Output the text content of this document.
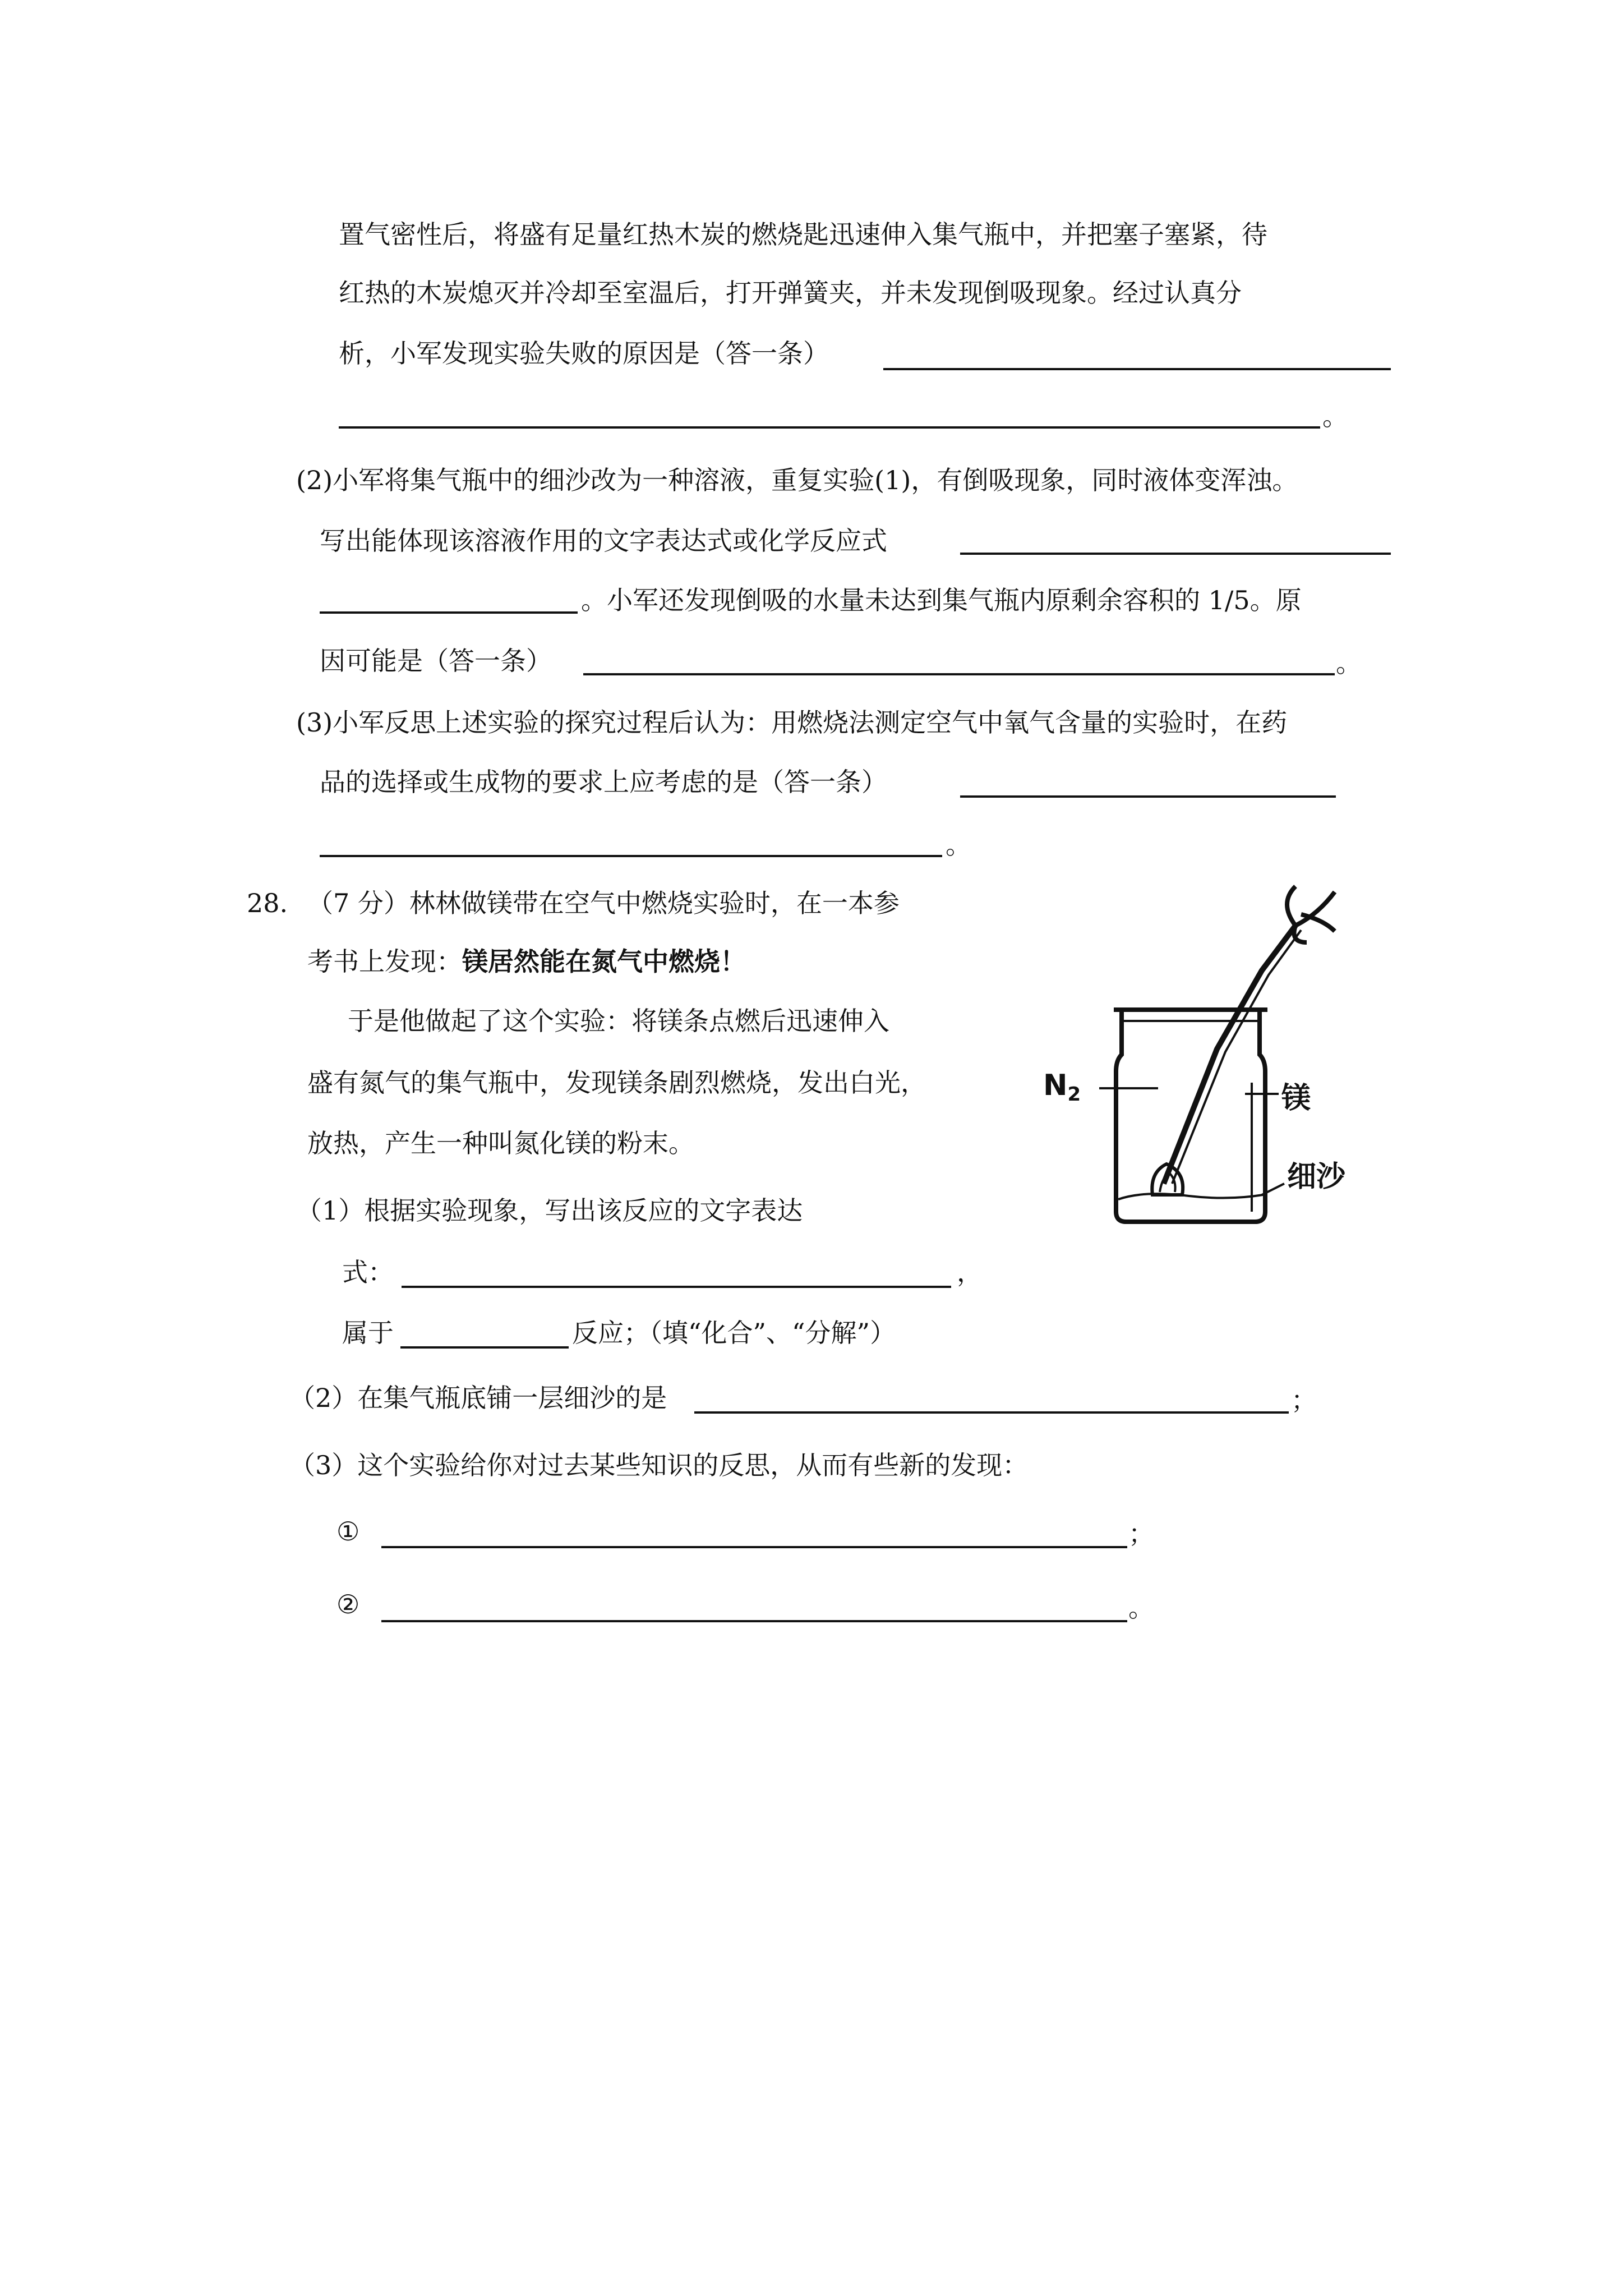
置气密性后，将盛有足量红热木炭的燃烧匙迅速伸入集气瓶中，并把塞子塞紧，待
红热的木炭熄灭并冷却至室温后，打开弹簧夹，并未发现倒吸现象。经过认真分
析，小军发现实验失败的原因是（答一条）
。
(2)小军将集气瓶中的细沙改为一种溶液，重复实验(1)，有倒吸现象，同时液体变浑浊。
写出能体现该溶液作用的文字表达式或化学反应式
。小军还发现倒吸的水量未达到集气瓶内原剩余容积的 1/5。原
因可能是（答一条）	。
(3)小军反思上述实验的探究过程后认为：用燃烧法测定空气中氧气含量的实验时，在药
品的选择或生成物的要求上应考虑的是（答一条）
。
28. （7 分）林林做镁带在空气中燃烧实验时，在一本参
考书上发现：镁居然能在氮气中燃烧！
于是他做起了这个实验：将镁条点燃后迅速伸入
盛有氮气的集气瓶中，发现镁条剧烈燃烧，发出白光，
放热，产生一种叫氮化镁的粉末。
（1）根据实验现象，写出该反应的文字表达
式：	，
属于	反应；（填“化合”、“分解”）
（2）在集气瓶底铺一层细沙的是	；
（3）这个实验给你对过去某些知识的反思，从而有些新的发现：
①	；
②	。
$N_2$	镁
细沙
